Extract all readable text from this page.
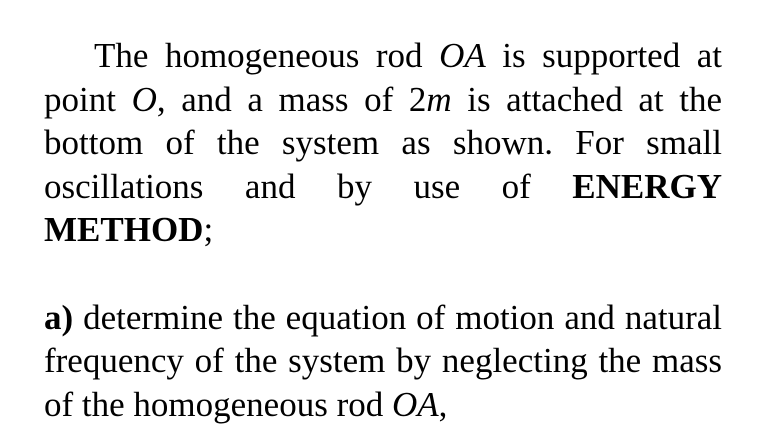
The homogeneous rod OA is supported at point O, and a mass of 2m is attached at the bottom of the system as shown. For small oscillations and by use of ENERGY METHOD;

a) determine the equation of motion and natural frequency of the system by neglecting the mass of the homogeneous rod OA,
